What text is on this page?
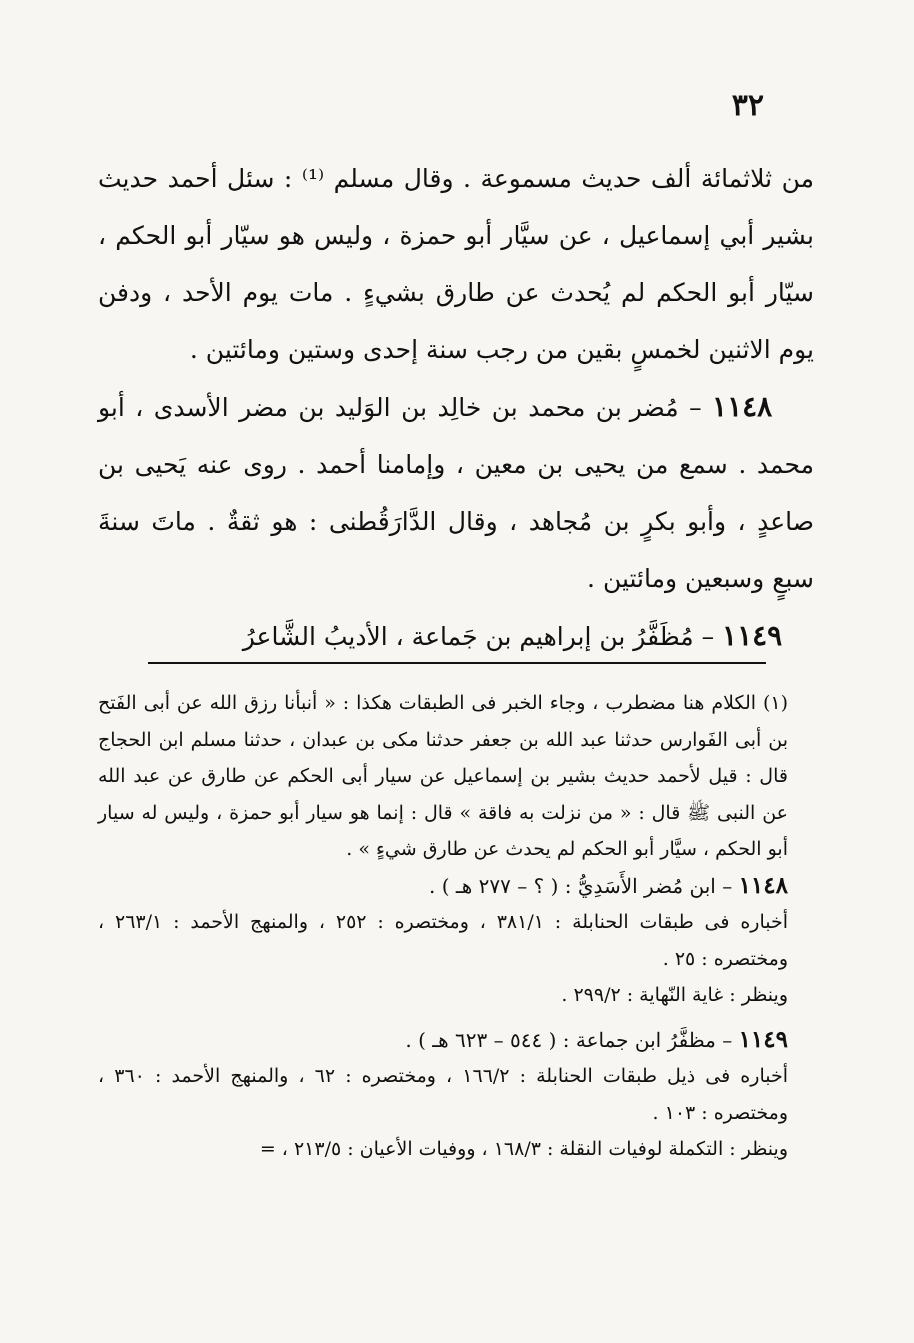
٣٢

من ثلاثمائة ألف حديث مسموعة . وقال مسلم ⁽¹⁾ : سئل أحمد حديث بشير أبي إسماعيل ، عن سيَّار أبو حمزة ، وليس هو سيّار أبو الحكم ، سيّار أبو الحكم لم يُحدث عن طارق بشيءٍ . مات يوم الأحد ، ودفن يوم الاثنين لخمسٍ بقين من رجب سنة إحدى وستين ومائتين .

١١٤٨ – مُضر بن محمد بن خالِد بن الوَليد بن مضر الأسدى ، أبو محمد . سمع من يحيى بن معين ، وإمامنا أحمد . روى عنه يَحيى بن صاعدٍ ، وأبو بكرٍ بن مُجاهد ، وقال الدَّارَقُطنى : هو ثقةٌ . ماتَ سنةَ سبعٍ وسبعين ومائتين .

١١٤٩ – مُظَفَّرُ بن إبراهيم بن جَماعة ، الأديبُ الشَّاعرُ

(١) الكلام هنا مضطرب ، وجاء الخبر فى الطبقات هكذا : « أنبأنا رزق الله عن أبى الفَتح بن أبى الفَوارس حدثنا عبد الله بن جعفر حدثنا مكى بن عبدان ، حدثنا مسلم ابن الحجاج قال : قيل لأحمد حديث بشير بن إسماعيل عن سيار أبى الحكم عن طارق عن عبد الله عن النبى ﷺ قال : « من نزلت به فاقة » قال : إنما هو سيار أبو حمزة ، وليس له سيار أبو الحكم ، سيَّار أبو الحكم لم يحدث عن طارق شيءٍ » .

١١٤٨ – ابن مُضر الأَسَدِيُّ : ( ؟ – ٢٧٧ هـ ) .

أخباره فى طبقات الحنابلة : ٣٨١/١ ، ومختصره : ٢٥٢ ، والمنهج الأحمد : ٢٦٣/١ ، ومختصره : ٢٥ .

وينظر : غاية النّهاية : ٢٩٩/٢ .

١١٤٩ – مظفَّرُ ابن جماعة : ( ٥٤٤ – ٦٢٣ هـ ) .

أخباره فى ذيل طبقات الحنابلة : ١٦٦/٢ ، ومختصره : ٦٢ ، والمنهج الأحمد : ٣٦٠ ، ومختصره : ١٠٣ .

وينظر : التكملة لوفيات النقلة : ١٦٨/٣ ، ووفيات الأعيان : ٢١٣/٥ ، =
